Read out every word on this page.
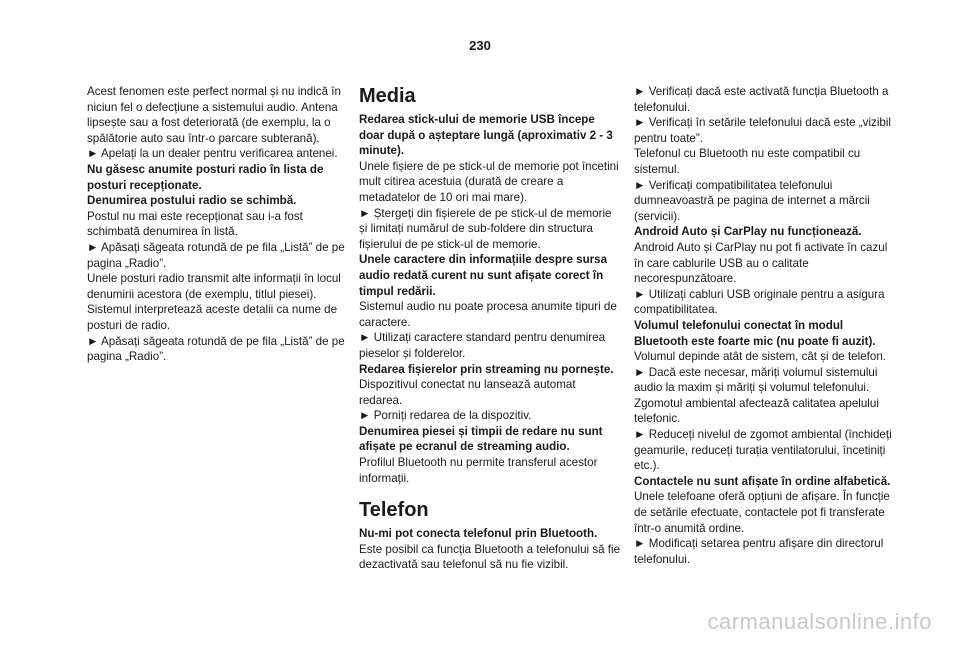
230

Acest fenomen este perfect normal și nu indică în niciun fel o defecțiune a sistemului audio. Antena lipsește sau a fost deteriorată (de exemplu, la o spălătorie auto sau într-o parcare subterană).

► Apelați la un dealer pentru verificarea antenei.

Nu găsesc anumite posturi radio în lista de posturi recepționate.

Denumirea postului radio se schimbă.

Postul nu mai este recepționat sau i-a fost schimbată denumirea în listă.

► Apăsați săgeata rotundă de pe fila „Listă” de pe pagina „Radio”.

Unele posturi radio transmit alte informații în locul denumirii acestora (de exemplu, titlul piesei).

Sistemul interpretează aceste detalii ca nume de posturi de radio.

► Apăsați săgeata rotundă de pe fila „Listă” de pe pagina „Radio”.

Media

Redarea stick-ului de memorie USB începe doar după o așteptare lungă (aproximativ 2 - 3 minute).

Unele fișiere de pe stick-ul de memorie pot încetini mult citirea acestuia (durată de creare a metadatelor de 10 ori mai mare).

► Ștergeți din fișierele de pe stick-ul de memorie și limitați numărul de sub-foldere din structura fișierului de pe stick-ul de memorie.

Unele caractere din informațiile despre sursa audio redată curent nu sunt afișate corect în timpul redării.

Sistemul audio nu poate procesa anumite tipuri de caractere.

► Utilizați caractere standard pentru denumirea pieselor și folderelor.

Redarea fișierelor prin streaming nu pornește.

Dispozitivul conectat nu lansează automat redarea.

► Porniți redarea de la dispozitiv.

Denumirea piesei și timpii de redare nu sunt afișate pe ecranul de streaming audio.

Profilul Bluetooth nu permite transferul acestor informații.

Telefon

Nu-mi pot conecta telefonul prin Bluetooth.

Este posibil ca funcția Bluetooth a telefonului să fie dezactivată sau telefonul să nu fie vizibil.

► Verificați dacă este activată funcția Bluetooth a telefonului.

► Verificați în setările telefonului dacă este „vizibil pentru toate”.

Telefonul cu Bluetooth nu este compatibil cu sistemul.

► Verificați compatibilitatea telefonului dumneavoastră pe pagina de internet a mărcii (servicii).

Android Auto și CarPlay nu funcționează.

Android Auto și CarPlay nu pot fi activate în cazul în care cablurile USB au o calitate necorespunzătoare.

► Utilizați cabluri USB originale pentru a asigura compatibilitatea.

Volumul telefonului conectat în modul Bluetooth este foarte mic (nu poate fi auzit).

Volumul depinde atât de sistem, cât și de telefon.

► Dacă este necesar, măriți volumul sistemului audio la maxim și măriți și volumul telefonului.

Zgomotul ambiental afectează calitatea apelului telefonic.

► Reduceți nivelul de zgomot ambiental (închideți geamurile, reduceți turația ventilatorului, încetiniți etc.).

Contactele nu sunt afișate în ordine alfabetică.

Unele telefoane oferă opțiuni de afișare. În funcție de setările efectuate, contactele pot fi transferate într-o anumită ordine.

► Modificați setarea pentru afișare din directorul telefonului.

carmanualsonline.info
